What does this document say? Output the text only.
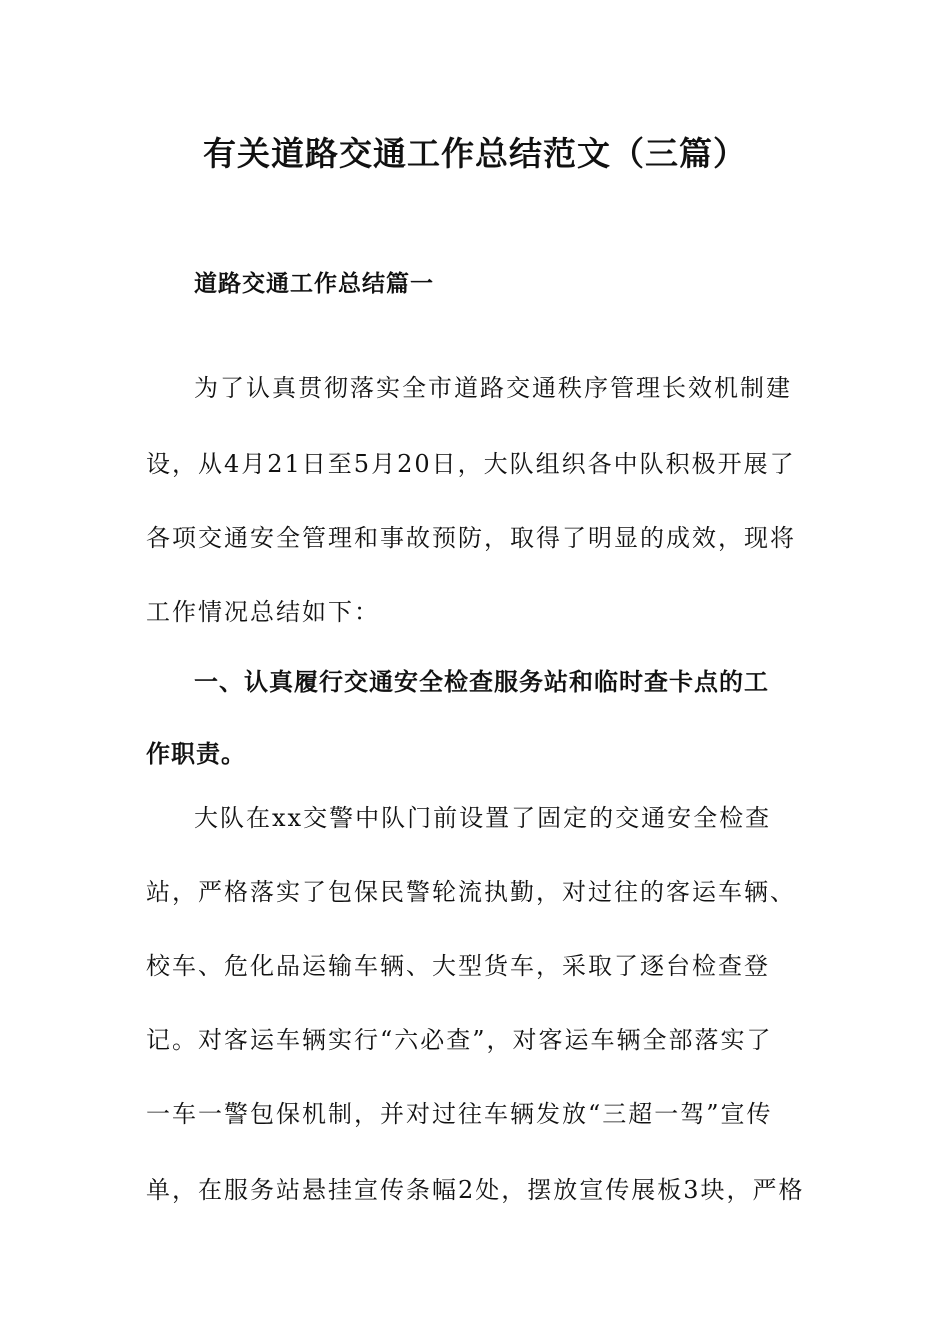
有关道路交通工作总结范文（三篇）
道路交通工作总结篇一
为了认真贯彻落实全市道路交通秩序管理长效机制建
设，从4月21日至5月20日，大队组织各中队积极开展了
各项交通安全管理和事故预防，取得了明显的成效，现将
工作情况总结如下：
一、认真履行交通安全检查服务站和临时查卡点的工
作职责。
大队在xx交警中队门前设置了固定的交通安全检查
站，严格落实了包保民警轮流执勤，对过往的客运车辆、
校车、危化品运输车辆、大型货车，采取了逐台检查登
记。对客运车辆实行“六必查”，对客运车辆全部落实了
一车一警包保机制，并对过往车辆发放“三超一驾”宣传
单，在服务站悬挂宣传条幅2处，摆放宣传展板3块，严格
